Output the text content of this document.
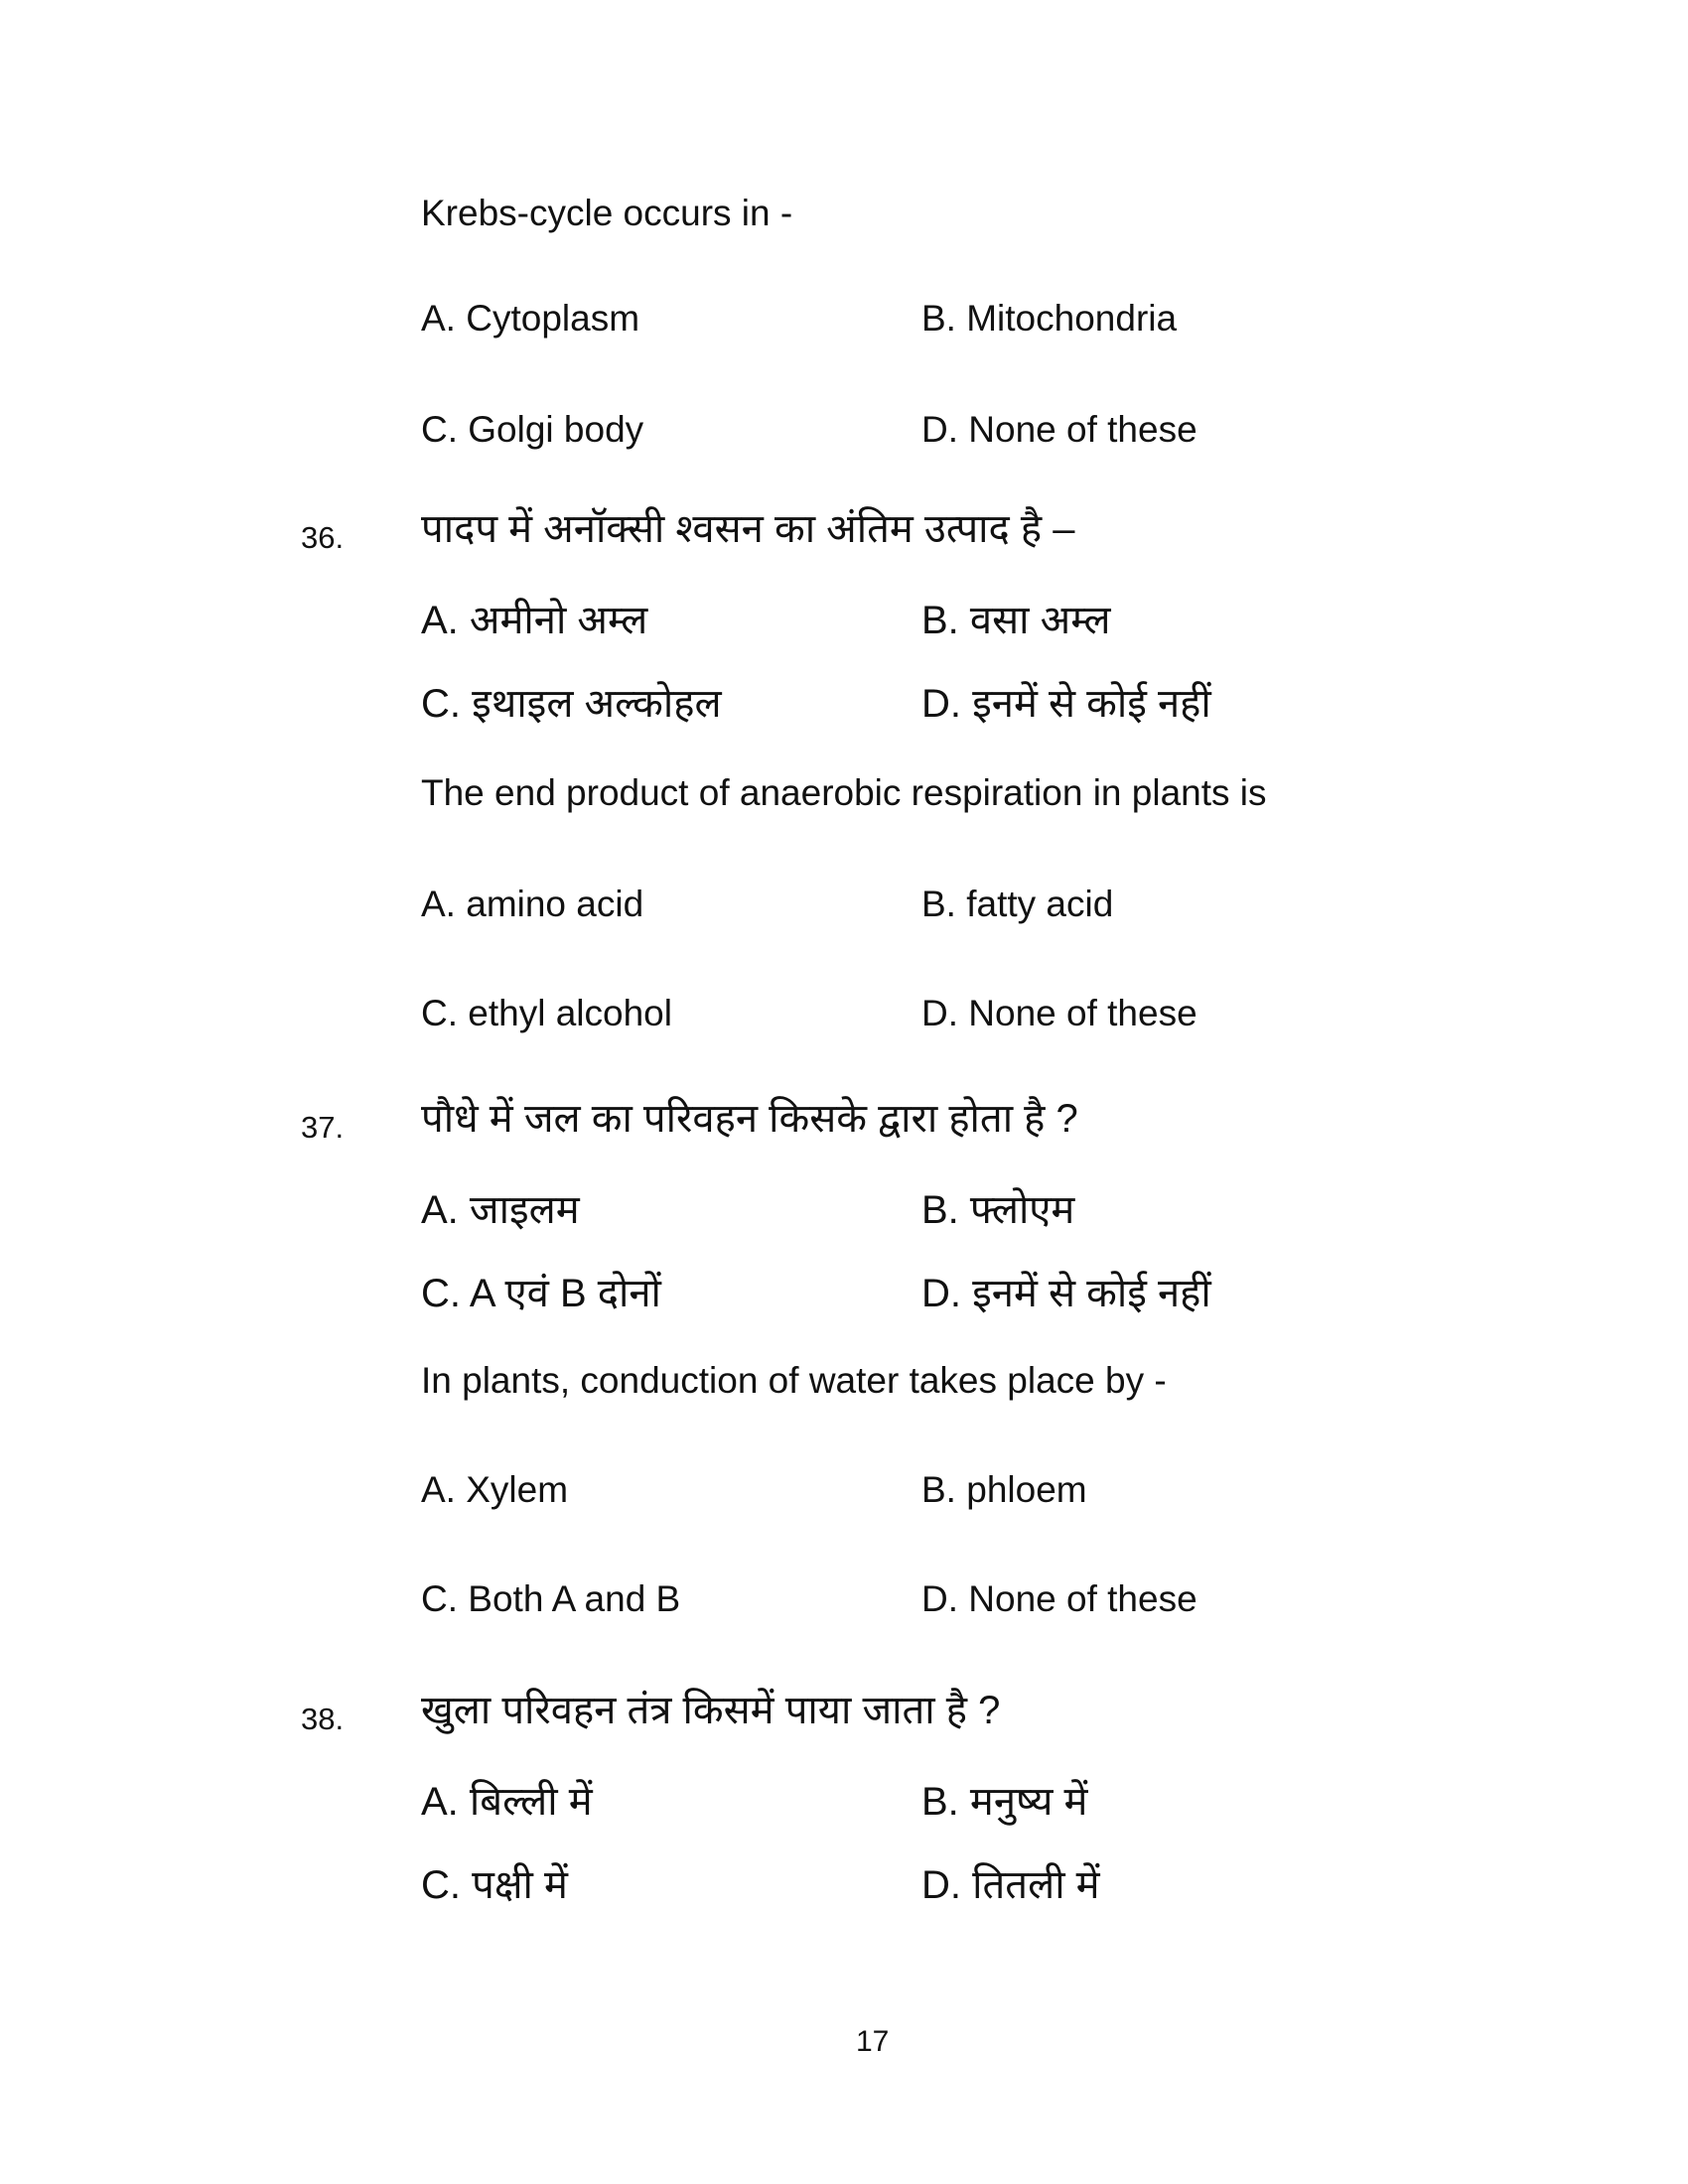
Krebs-cycle occurs in -
A. Cytoplasm	B. Mitochondria
C. Golgi body	D. None of these
36. पादप में अनॉक्सी श्वसन का अंतिम उत्पाद है –
A. अमीनो अम्ल	B. वसा अम्ल
C. इथाइल अल्कोहल	D. इनमें से कोई नहीं
The end product of anaerobic respiration in plants is
A. amino acid	B. fatty acid
C. ethyl alcohol	D. None of these
37. पौधे में जल का परिवहन किसके द्वारा होता है ?
A. जाइलम	B. फ्लोएम
C. A एवं B दोनों	D. इनमें से कोई नहीं
In plants, conduction of water takes place by -
A. Xylem	B. phloem
C. Both A and B	D. None of these
38. खुला परिवहन तंत्र किसमें पाया जाता है ?
A. बिल्ली में	B. मनुष्य में
C. पक्षी में	D. तितली में
17
